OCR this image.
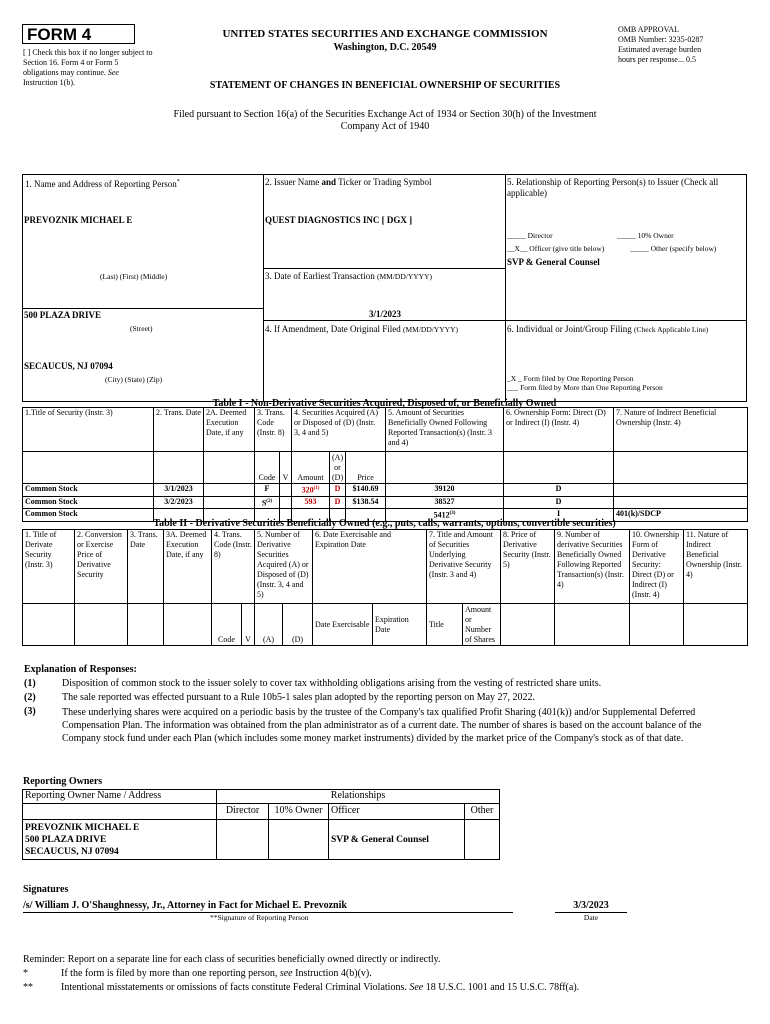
FORM 4
[ ] Check this box if no longer subject to Section 16. Form 4 or Form 5 obligations may continue. See Instruction 1(b).
UNITED STATES SECURITIES AND EXCHANGE COMMISSION
Washington, D.C. 20549
OMB APPROVAL
OMB Number: 3235-0287
Estimated average burden
hours per response... 0.5
STATEMENT OF CHANGES IN BENEFICIAL OWNERSHIP OF SECURITIES
Filed pursuant to Section 16(a) of the Securities Exchange Act of 1934 or Section 30(h) of the Investment Company Act of 1940
1. Name and Address of Reporting Person*
PREVOZNIK MICHAEL E
(Last) (First) (Middle)
500 PLAZA DRIVE
(Street)
SECAUCUS, NJ 07094
(City) (State) (Zip)
2. Issuer Name and Ticker or Trading Symbol
QUEST DIAGNOSTICS INC [ DGX ]
3. Date of Earliest Transaction (MM/DD/YYYY)
3/1/2023
4. If Amendment, Date Original Filed (MM/DD/YYYY)
5. Relationship of Reporting Person(s) to Issuer (Check all applicable)
_____ Director	_____ 10% Owner
__X__ Officer (give title below)	_____ Other (specify below)
SVP & General Counsel
6. Individual or Joint/Group Filing (Check Applicable Line)
_X _ Form filed by One Reporting Person
___ Form filed by More than One Reporting Person
Table I - Non-Derivative Securities Acquired, Disposed of, or Beneficially Owned
1.Title of Security (Instr. 3)	2. Trans. Date	2A. Deemed Execution Date, if any	3. Trans. Code (Instr. 8)		4. Securities Acquired (A) or Disposed of (D) (Instr. 3, 4 and 5)			5. Amount of Securities Beneficially Owned Following Reported Transaction(s) (Instr. 3 and 4)	6. Ownership Form: Direct (D) or Indirect (I) (Instr. 4)	7. Nature of Indirect Beneficial Ownership (Instr. 4)
			Code	V	Amount	(A) or (D)	Price			
Common Stock	3/1/2023		F		320$^{(1)}$	D	$140.69	39120	D	
Common Stock	3/2/2023		$S^{(2)}$		593	D	$138.54	38527	D	
Common Stock								5412$^{(3)}$	I	401(k)/SDCP
Table II - Derivative Securities Beneficially Owned (e.g., puts, calls, warrants, options, convertible securities)
1. Title of Derivate Security (Instr. 3)	2. Conversion or Exercise Price of Derivative Security	3. Trans. Date	3A. Deemed Execution Date, if any	4. Trans. Code (Instr. 8)		5. Number of Derivative Securities Acquired (A) or Disposed of (D) (Instr. 3, 4 and 5)		6. Date Exercisable and Expiration Date		7. Title and Amount of Securities Underlying Derivative Security (Instr. 3 and 4)		8. Price of Derivative Security (Instr. 5)	9. Number of derivative Securities Beneficially Owned Following Reported Transaction(s) (Instr. 4)	10. Ownership Form of Derivative Security: Direct (D) or Indirect (I) (Instr. 4)	11. Nature of Indirect Beneficial Ownership (Instr. 4)
				Code	V	(A)	(D)	Date Exercisable	Expiration Date	Title	Amount or Number of Shares				
Explanation of Responses:
(1)	Disposition of common stock to the issuer solely to cover tax withholding obligations arising from the vesting of restricted share units.
(2)	The sale reported was effected pursuant to a Rule 10b5-1 sales plan adopted by the reporting person on May 27, 2022.
(3)	These underlying shares were acquired on a periodic basis by the trustee of the Company's tax qualified Profit Sharing (401(k)) and/or Supplemental Deferred Compensation Plan. The information was obtained from the plan administrator as of a current date. The number of shares is based on the account balance of the Company stock fund under each Plan (which includes some money market instruments) divided by the market price of the Company's stock as of that date.
Reporting Owners
Reporting Owner Name / Address	Relationships			
	Director	10% Owner	Officer	Other

PREVOZNIK MICHAEL E
500 PLAZA DRIVE
SECAUCUS, NJ 07094			SVP & General Counsel	
Signatures
/s/ William J. O'Shaughnessy, Jr., Attorney in Fact for Michael E. Prevoznik
**Signature of Reporting Person
3/3/2023
Date
Reminder: Report on a separate line for each class of securities beneficially owned directly or indirectly.
*	If the form is filed by more than one reporting person, see Instruction 4(b)(v).
**	Intentional misstatements or omissions of facts constitute Federal Criminal Violations. See 18 U.S.C. 1001 and 15 U.S.C. 78ff(a).
